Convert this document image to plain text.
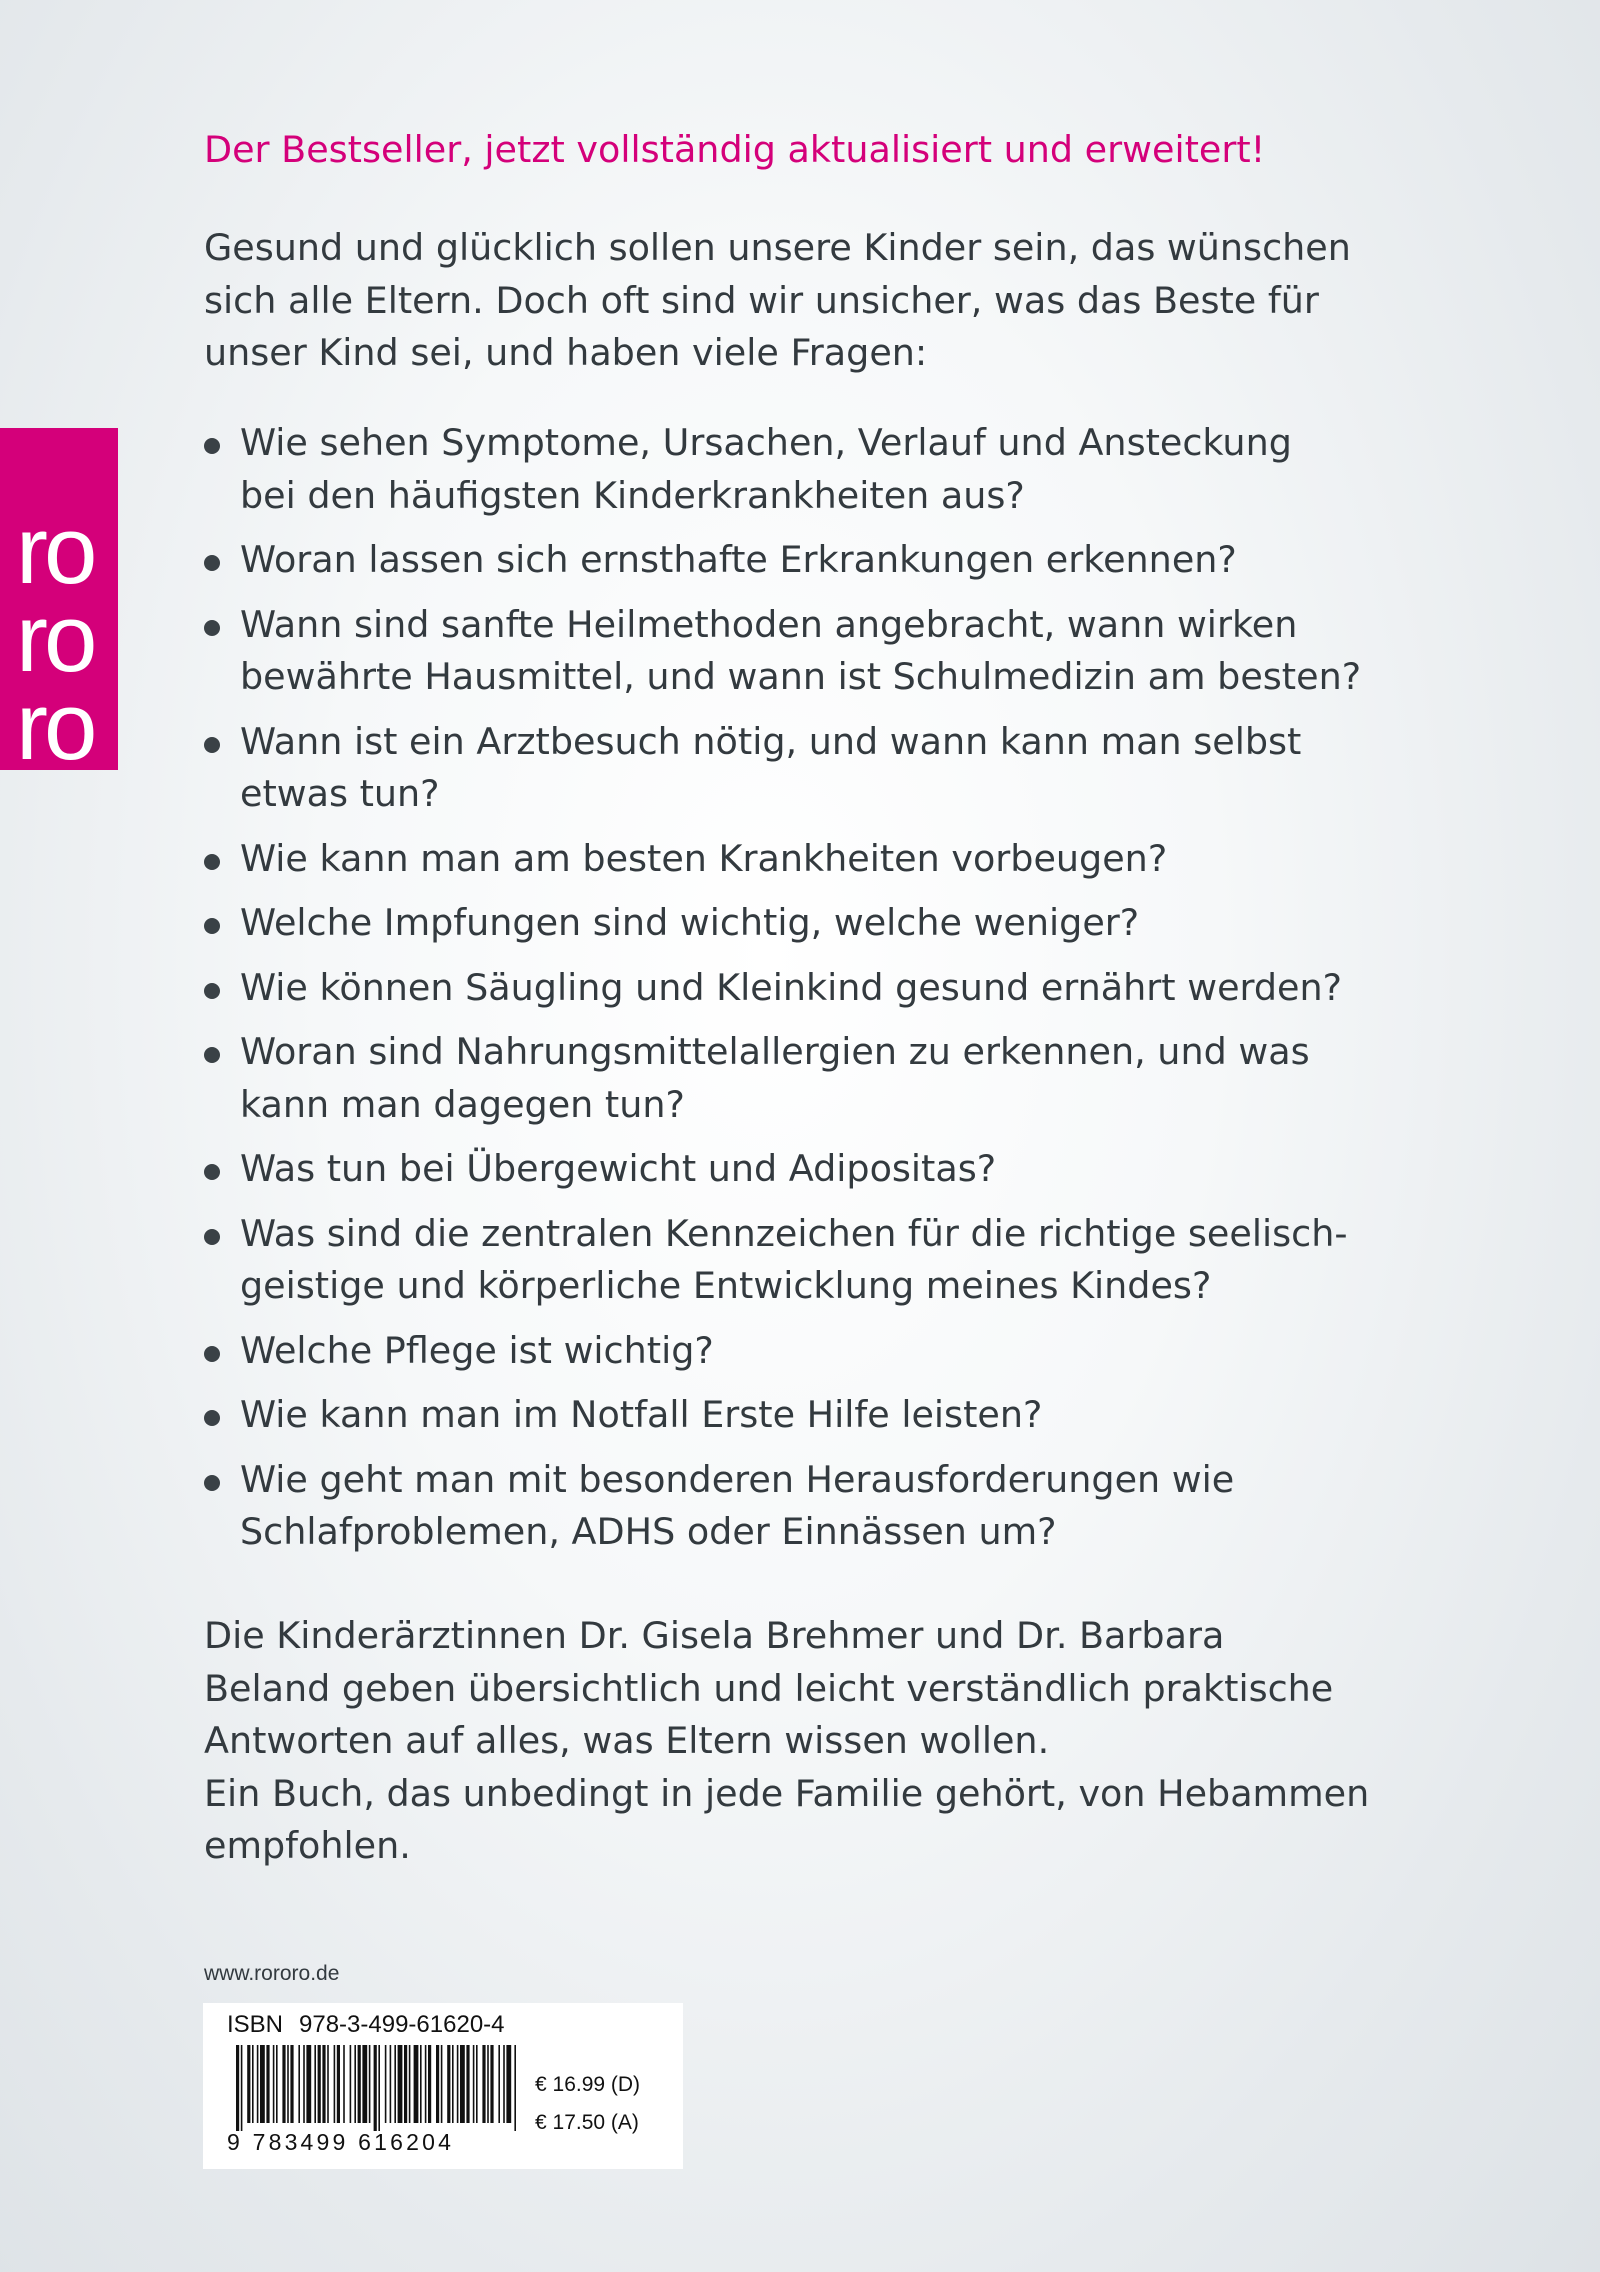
Der Bestseller, jetzt vollständig aktualisiert und erweitert!

Gesund und glücklich sollen unsere Kinder sein, das wünschen
sich alle Eltern. Doch oft sind wir unsicher, was das Beste für
unser Kind sei, und haben viele Fragen:

Wie sehen Symptome, Ursachen, Verlauf und Ansteckung
bei den häufigsten Kinderkrankheiten aus?
Woran lassen sich ernsthafte Erkrankungen erkennen?
Wann sind sanfte Heilmethoden angebracht, wann wirken
bewährte Hausmittel, und wann ist Schulmedizin am besten?
Wann ist ein Arztbesuch nötig, und wann kann man selbst
etwas tun?
Wie kann man am besten Krankheiten vorbeugen?
Welche Impfungen sind wichtig, welche weniger?
Wie können Säugling und Kleinkind gesund ernährt werden?
Woran sind Nahrungsmittelallergien zu erkennen, und was
kann man dagegen tun?
Was tun bei Übergewicht und Adipositas?
Was sind die zentralen Kennzeichen für die richtige seelisch-
geistige und körperliche Entwicklung meines Kindes?
Welche Pflege ist wichtig?
Wie kann man im Notfall Erste Hilfe leisten?
Wie geht man mit besonderen Herausforderungen wie
Schlafproblemen, ADHS oder Einnässen um?

Die Kinderärztinnen Dr. Gisela Brehmer und Dr. Barbara
Beland geben übersichtlich und leicht verständlich praktische
Antworten auf alles, was Eltern wissen wollen.
Ein Buch, das unbedingt in jede Familie gehört, von Hebammen
empfohlen.

ro
ro
ro

www.rororo.de

ISBN 978-3-499-61620-4

9 783499 616204
€ 16.99 (D)
€ 17.50 (A)
